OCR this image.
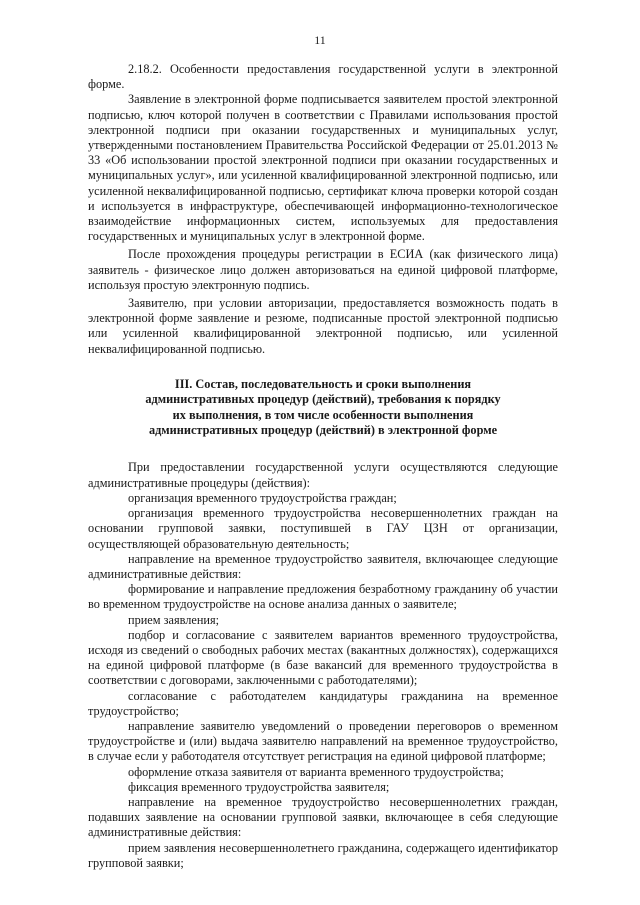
11

2.18.2. Особенности предоставления государственной услуги в электронной форме.

Заявление в электронной форме подписывается заявителем простой электронной подписью, ключ которой получен в соответствии с Правилами использования простой электронной подписи при оказании государственных и муниципальных услуг, утвержденными постановлением Правительства Российской Федерации от 25.01.2013 № 33 «Об использовании простой электронной подписи при оказании государственных и муниципальных услуг», или усиленной квалифицированной электронной подписью, или усиленной неквалифицированной подписью, сертификат ключа проверки которой создан и используется в инфраструктуре, обеспечивающей информационно-технологическое взаимодействие информационных систем, используемых для предоставления государственных и муниципальных услуг в электронной форме.

После прохождения процедуры регистрации в ЕСИА (как физического лица) заявитель - физическое лицо должен авторизоваться на единой цифровой платформе, используя простую электронную подпись.

Заявителю, при условии авторизации, предоставляется возможность подать в электронной форме заявление и резюме, подписанные простой электронной подписью или усиленной квалифицированной электронной подписью, или усиленной неквалифицированной подписью.

III. Состав, последовательность и сроки выполнения
административных процедур (действий), требования к порядку
их выполнения, в том числе особенности выполнения
административных процедур (действий) в электронной форме

При предоставлении государственной услуги осуществляются следующие административные процедуры (действия):

организация временного трудоустройства граждан;

организация временного трудоустройства несовершеннолетних граждан на основании групповой заявки, поступившей в ГАУ ЦЗН от организации, осуществляющей образовательную деятельность;

направление на временное трудоустройство заявителя, включающее следующие административные действия:

формирование и направление предложения безработному гражданину об участии во временном трудоустройстве на основе анализа данных о заявителе;

прием заявления;

подбор и согласование с заявителем вариантов временного трудоустройства, исходя из сведений о свободных рабочих местах (вакантных должностях), содержащихся на единой цифровой платформе (в базе вакансий для временного трудоустройства в соответствии с договорами, заключенными с работодателями);

согласование с работодателем кандидатуры гражданина на временное трудоустройство;

направление заявителю уведомлений о проведении переговоров о временном трудоустройстве и (или) выдача заявителю направлений на временное трудоустройство, в случае если у работодателя отсутствует регистрация на единой цифровой платформе;

оформление отказа заявителя от варианта временного трудоустройства;

фиксация временного трудоустройства заявителя;

направление на временное трудоустройство несовершеннолетних граждан, подавших заявление на основании групповой заявки, включающее в себя следующие административные действия:

прием заявления несовершеннолетнего гражданина, содержащего идентификатор групповой заявки;
